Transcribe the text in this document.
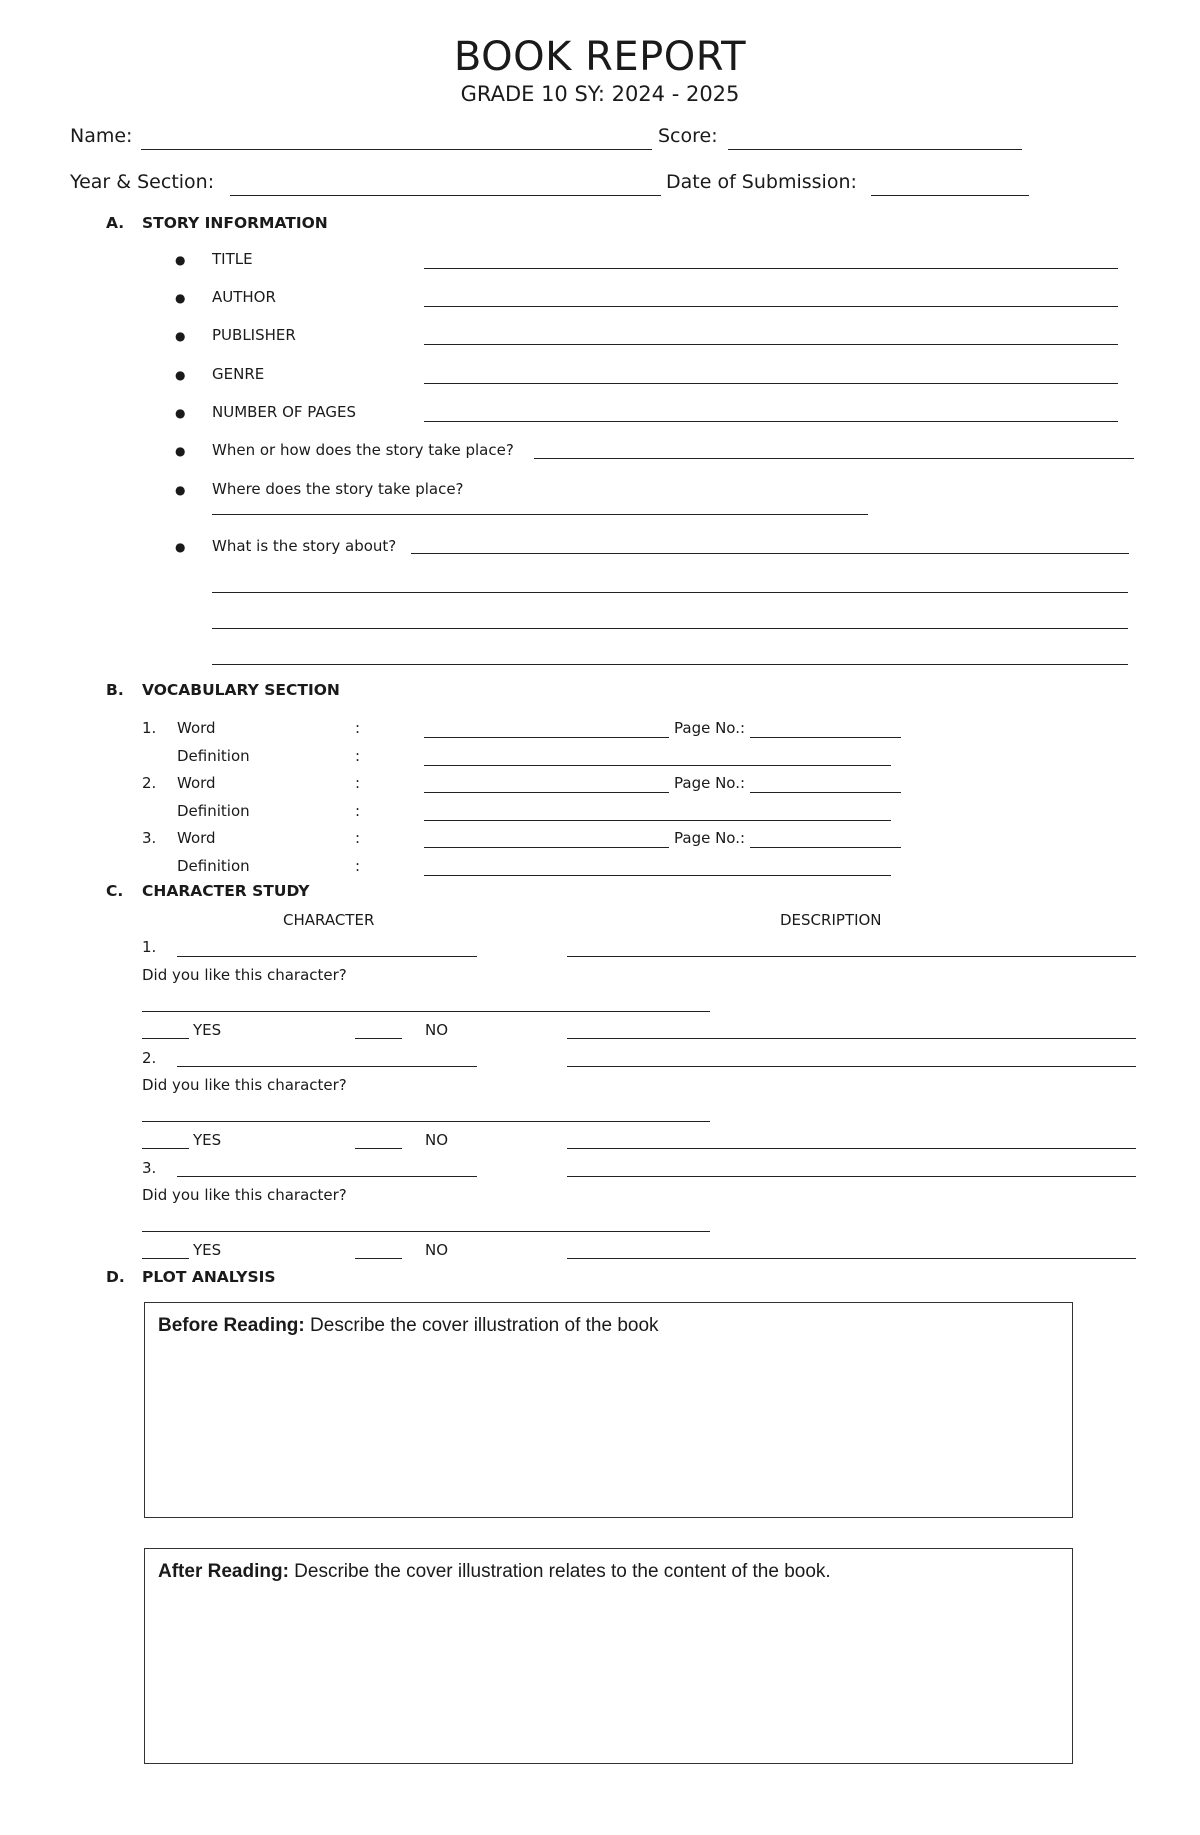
BOOK REPORT
GRADE 10 SY: 2024 - 2025
Name:	Score:
Year & Section:	Date of Submission:
A. STORY INFORMATION
● TITLE
● AUTHOR
● PUBLISHER
● GENRE
● NUMBER OF PAGES
● When or how does the story take place?
● Where does the story take place?
● What is the story about?
B. VOCABULARY SECTION
1. Word	:	Page No.:
Definition	:
2. Word	:	Page No.:
Definition	:
3. Word	:	Page No.:
Definition	:
C. CHARACTER STUDY
CHARACTER	DESCRIPTION
1.
Did you like this character?
YES	NO
2.
Did you like this character?
YES	NO
3.
Did you like this character?
YES	NO
D. PLOT ANALYSIS
Before Reading: Describe the cover illustration of the book
After Reading: Describe the cover illustration relates to the content of the book.
